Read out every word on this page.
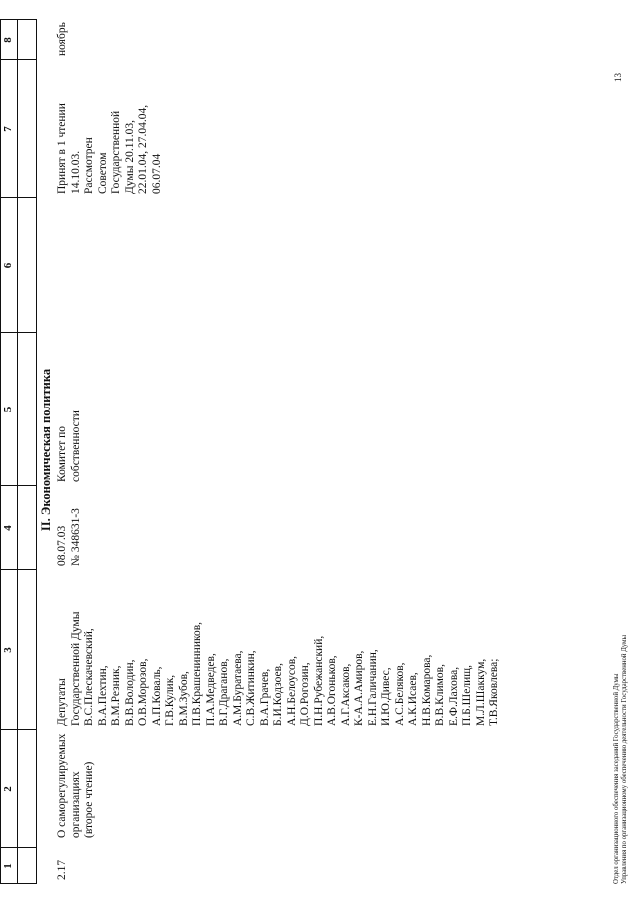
1
2
3
4
5
6
7
8
II. Экономическая политика
2.17
О саморегулируемых организациях (второе чтение)
Депутаты Государственной Думы В.С.Плескачевский, В.А.Пехтин, В.М.Резник, В.В.Володин, О.В.Морозов, А.П.Коваль, Г.В.Кулик, В.М.Зубов, П.В.Крашенинников, П.А.Медведев, В.Г.Драганов, А.М.Буратаева, С.В.Житинкин, В.А.Грачев, Б.И.Кодзоев, А.Н.Белоусов, Д.О.Рогозин, П.Н.Рубежанский, А.В.Огоньков, А.Г.Аксаков, К-А.А.Амиров, Е.Н.Галичанин, И.Ю.Дивес, А.С.Беляков, А.К.Исаев, Н.В.Комарова, В.В.Климов, Е.Ф.Лахова, П.Б.Шелищ, М.Л.Шаккум, Т.В.Яковлева;
08.07.03 № 348631-3
Комитет по собственности
Принят в 1 чтении 14.10.03. Рассмотрен Советом Государственной Думы 20.11.03, 22.01.04, 27.04.04, 06.07.04
ноябрь
Отдел организационного обеспечения заседаний Государственной Думы Управления по организационному обеспечению деятельности Государственной Думы
13
